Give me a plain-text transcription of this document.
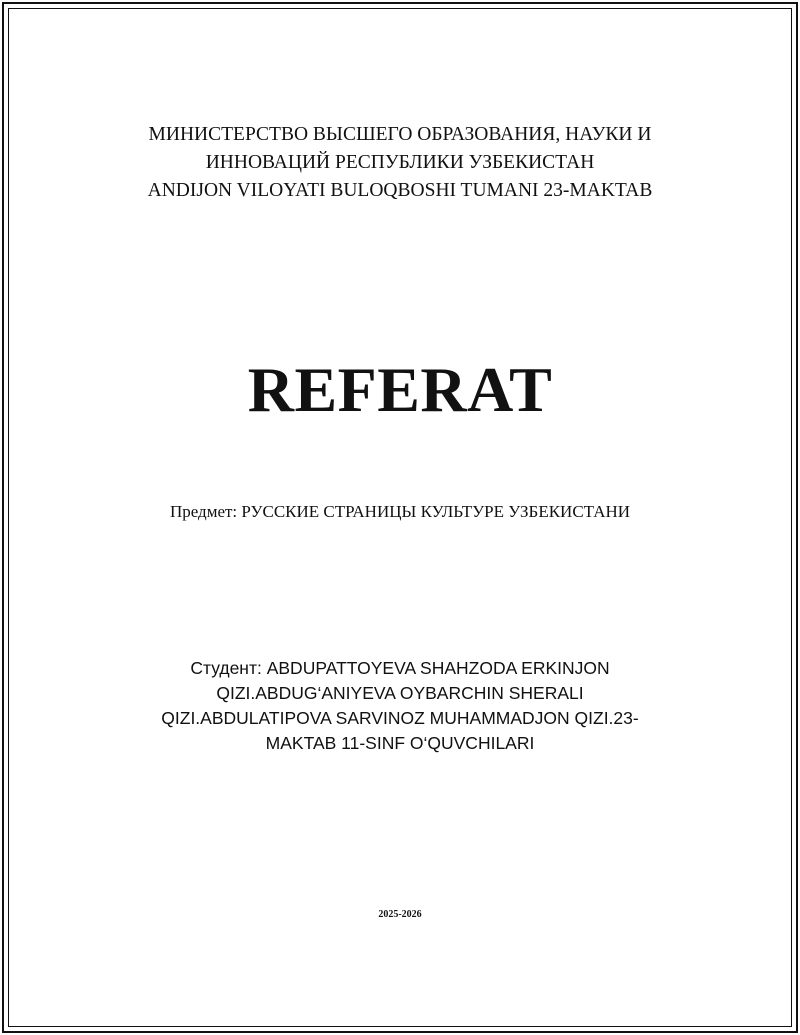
МИНИСТЕРСТВО ВЫСШЕГО ОБРАЗОВАНИЯ, НАУКИ И
ИННОВАЦИЙ РЕСПУБЛИКИ УЗБЕКИСТАН
ANDIJON VILOYATI BULOQBOSHI TUMANI 23-MAKTAB
REFERAT
Предмет: РУССКИЕ СТРАНИЦЫ КУЛЬТУРЕ УЗБЕКИСТАНИ
Студент: ABDUPATTOYEVA SHAHZODA ERKINJON
QIZI.ABDUG‘ANIYEVA OYBARCHIN SHERALI
QIZI.ABDULATIPOVA SARVINOZ MUHAMMADJON QIZI.23-
MAKTAB 11-SINF O‘QUVCHILARI
2025-2026
